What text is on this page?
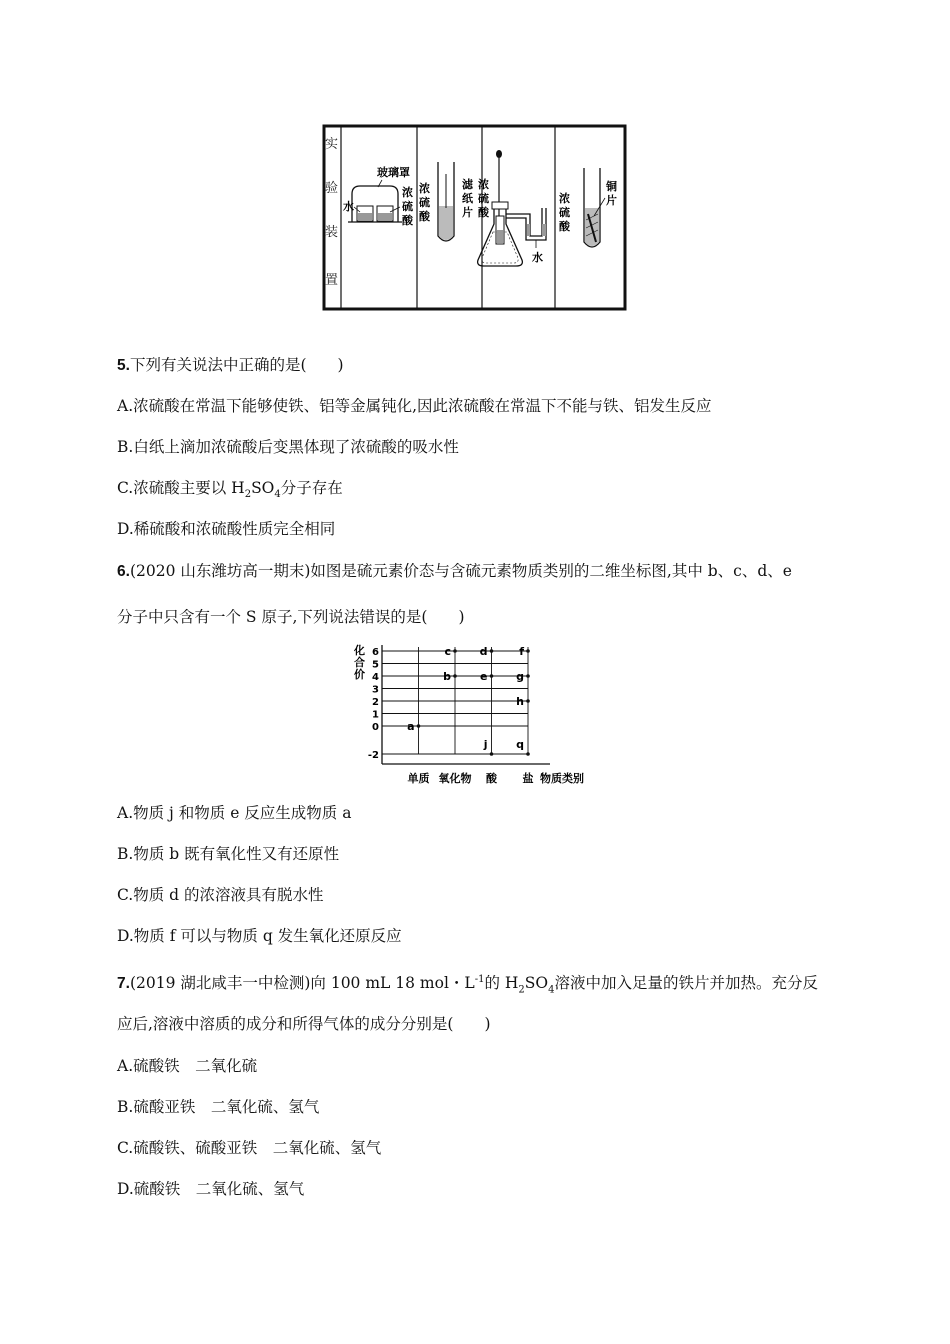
实
验
装
置
玻璃罩
水
浓
硫
酸
浓
硫
酸
滤
纸
片
浓
硫
酸
水
浓
硫
酸
铜
片
5.下列有关说法中正确的是(　　)
A.浓硫酸在常温下能够使铁、铝等金属钝化,因此浓硫酸在常温下不能与铁、铝发生反应
B.白纸上滴加浓硫酸后变黑体现了浓硫酸的吸水性
C.浓硫酸主要以 $H_2SO_4$分子存在
D.稀硫酸和浓硫酸性质完全相同
6.(2020 山东潍坊高一期末)如图是硫元素价态与含硫元素物质类别的二维坐标图,其中 b、c、d、e
分子中只含有一个 S 原子,下列说法错误的是(　　)
化
合
价
6
5
4
3
2
1
0
-2
单质 氧化物 酸 盐 物质类别
a
c
b
d
e
j
f
g
h
q
A.物质 j 和物质 e 反应生成物质 a
B.物质 b 既有氧化性又有还原性
C.物质 d 的浓溶液具有脱水性
D.物质 f 可以与物质 q 发生氧化还原反应
7.(2019 湖北咸丰一中检测)向 100 mL 18 mol・$L^{-1}$的 $H_2SO_4$溶液中加入足量的铁片并加热。充分反
应后,溶液中溶质的成分和所得气体的成分分别是(　　)
A.硫酸铁　二氧化硫
B.硫酸亚铁　二氧化硫、氢气
C.硫酸铁、硫酸亚铁　二氧化硫、氢气
D.硫酸铁　二氧化硫、氢气
